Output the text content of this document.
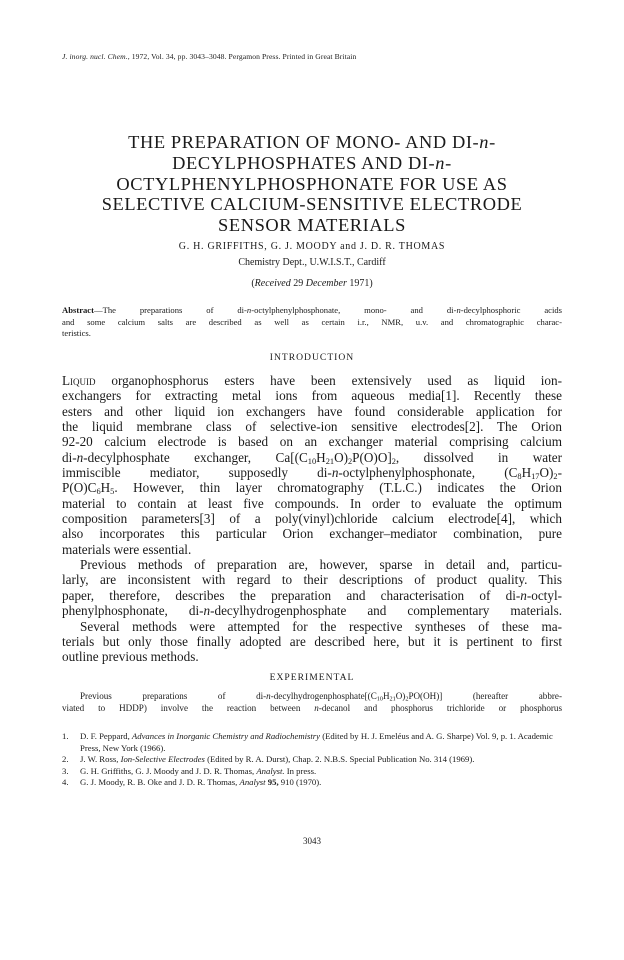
J. inorg. nucl. Chem., 1972, Vol. 34, pp. 3043–3048. Pergamon Press. Printed in Great Britain
THE PREPARATION OF MONO- AND DI-n-
DECYLPHOSPHATES AND DI-n-
OCTYLPHENYLPHOSPHONATE FOR USE AS
SELECTIVE CALCIUM-SENSITIVE ELECTRODE
SENSOR MATERIALS
G. H. GRIFFITHS, G. J. MOODY and J. D. R. THOMAS
Chemistry Dept., U.W.I.S.T., Cardiff
(Received 29 December 1971)
Abstract—The preparations of di-n-octylphenylphosphonate, mono- and di-n-decylphosphoric acids
and some calcium salts are described as well as certain i.r., NMR, u.v. and chromatographic charac-
teristics.
INTRODUCTION
Liquid organophosphorus esters have been extensively used as liquid ion-
exchangers for extracting metal ions from aqueous media[1]. Recently these
esters and other liquid ion exchangers have found considerable application for
the liquid membrane class of selective-ion sensitive electrodes[2]. The Orion
92-20 calcium electrode is based on an exchanger material comprising calcium
di-n-decylphosphate exchanger, $Ca[(C_{10}H_{21}O)_2P(O)O]_2$, dissolved in water
immiscible mediator, supposedly di-n-octylphenylphosphonate, $(C_8H_{17}O)_2-$
$P(O)C_6H_5$. However, thin layer chromatography (T.L.C.) indicates the Orion
material to contain at least five compounds. In order to evaluate the optimum
composition parameters[3] of a poly(vinyl)chloride calcium electrode[4], which
also incorporates this particular Orion exchanger–mediator combination, pure
materials were essential.
Previous methods of preparation are, however, sparse in detail and, particu-
larly, are inconsistent with regard to their descriptions of product quality. This
paper, therefore, describes the preparation and characterisation of di-n-octyl-
phenylphosphonate, di-n-decylhydrogenphosphate and complementary materials.
Several methods were attempted for the respective syntheses of these ma-
terials but only those finally adopted are described here, but it is pertinent to first
outline previous methods.
EXPERIMENTAL
Previous preparations of $di-n-decylhydrogenphosphate[(C_{10}H_{21}O)_2PO(OH)]$ (hereafter abbre-
viated to HDDP) involve the reaction between n-decanol and phosphorus trichloride or phosphorus
1. D. F. Peppard, Advances in Inorganic Chemistry and Radiochemistry (Edited by H. J. Emeléus and A. G. Sharpe) Vol. 9, p. 1. Academic Press, New York (1966).
2. J. W. Ross, Ion-Selective Electrodes (Edited by R. A. Durst), Chap. 2. N.B.S. Special Publication No. 314 (1969).
3. G. H. Griffiths, G. J. Moody and J. D. R. Thomas, Analyst. In press.
4. G. J. Moody, R. B. Oke and J. D. R. Thomas, Analyst 95, 910 (1970).
3043
